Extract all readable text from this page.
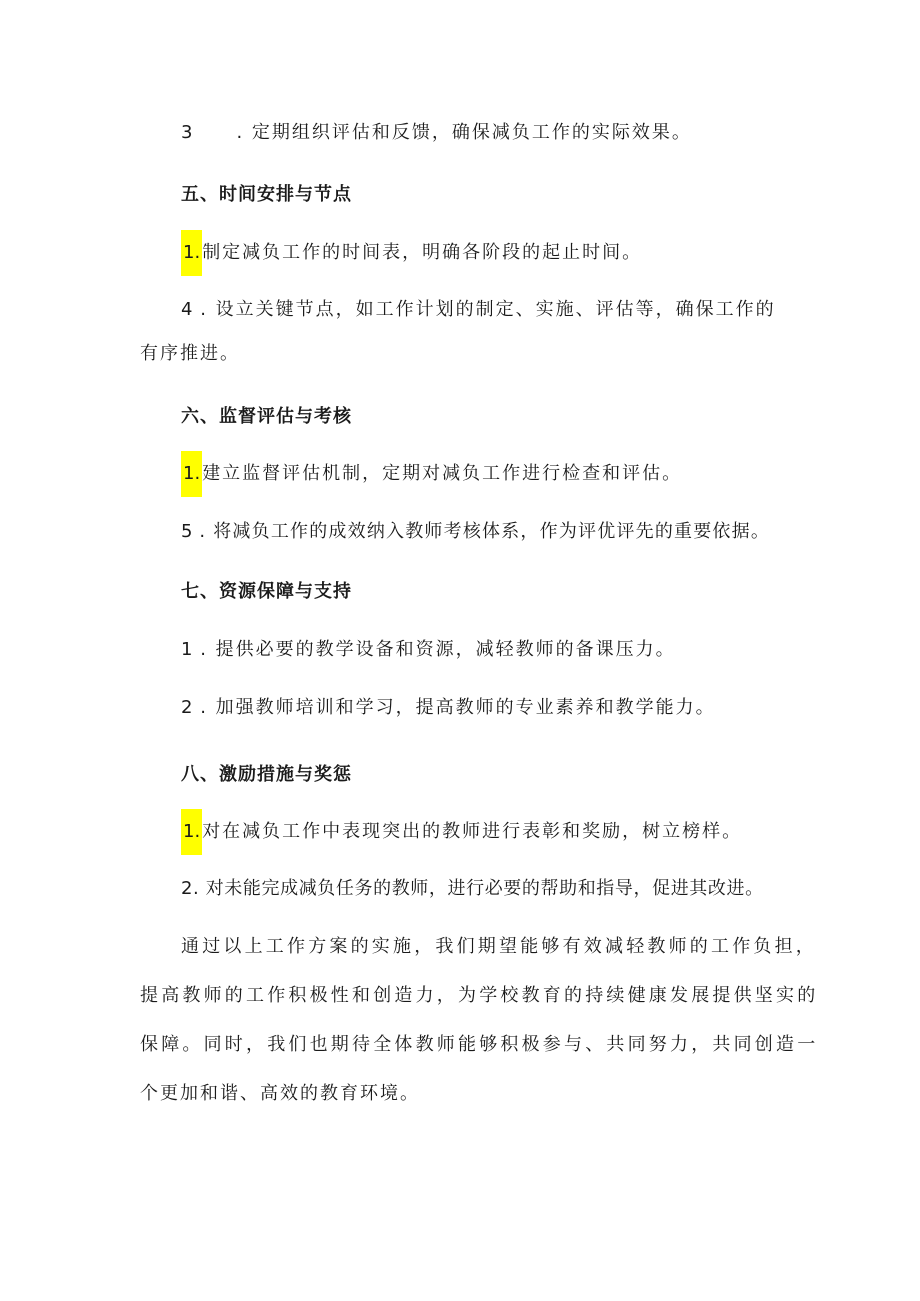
3 . 定期组织评估和反馈，确保减负工作的实际效果。
五、时间安排与节点
1. 制定减负工作的时间表，明确各阶段的起止时间。
4 . 设立关键节点，如工作计划的制定、实施、评估等，确保工作的
有序推进。
六、监督评估与考核
1. 建立监督评估机制，定期对减负工作进行检查和评估。
5 . 将减负工作的成效纳入教师考核体系，作为评优评先的重要依据。
七、资源保障与支持
1 . 提供必要的教学设备和资源，减轻教师的备课压力。
2 . 加强教师培训和学习，提高教师的专业素养和教学能力。
八、激励措施与奖惩
1. 对在减负工作中表现突出的教师进行表彰和奖励，树立榜样。
2. 对未能完成减负任务的教师，进行必要的帮助和指导，促进其改进。
通过以上工作方案的实施，我们期望能够有效减轻教师的工作负担，
提高教师的工作积极性和创造力，为学校教育的持续健康发展提供坚实的
保障。同时，我们也期待全体教师能够积极参与、共同努力，共同创造一
个更加和谐、高效的教育环境。
